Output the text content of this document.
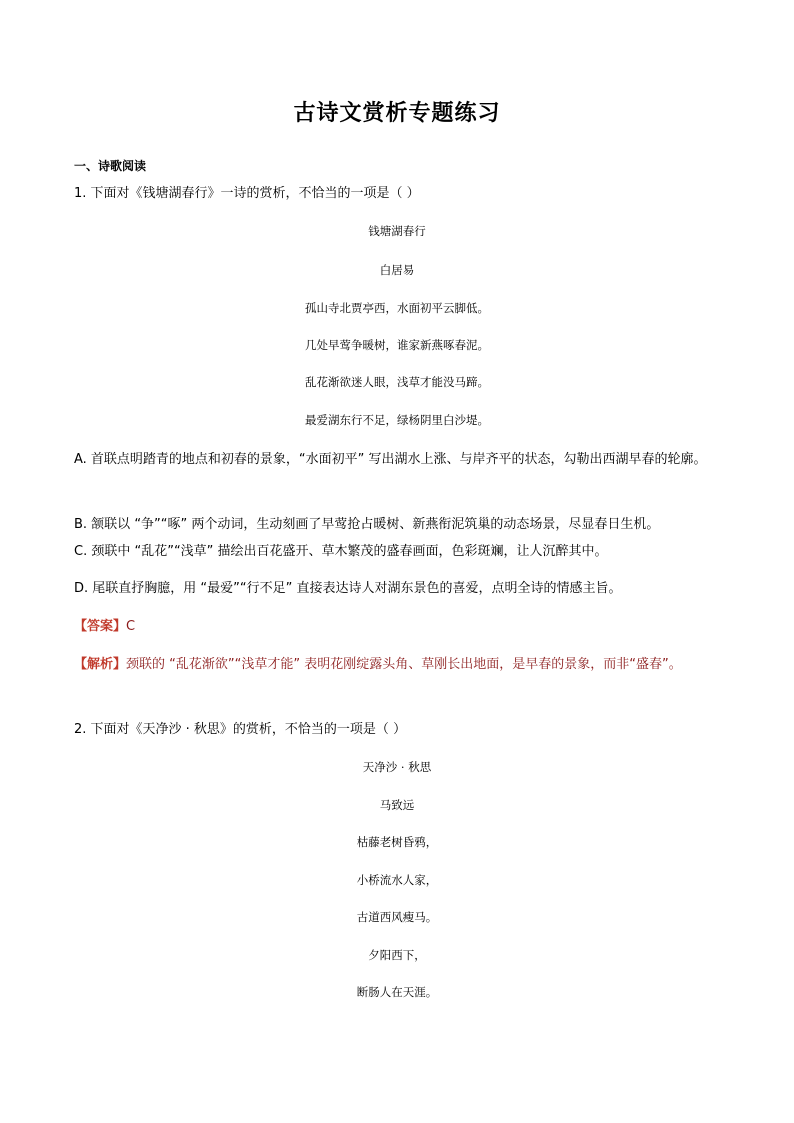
古诗文赏析专题练习
一、诗歌阅读
1. 下面对《钱塘湖春行》一诗的赏析，不恰当的一项是（ ）
钱塘湖春行
白居易
孤山寺北贾亭西，水面初平云脚低。
几处早莺争暖树，谁家新燕啄春泥。
乱花渐欲迷人眼，浅草才能没马蹄。
最爱湖东行不足，绿杨阴里白沙堤。
A. 首联点明踏青的地点和初春的景象，“水面初平” 写出湖水上涨、与岸齐平的状态，勾勒出西湖早春的轮廓。
B. 颔联以 “争”“啄” 两个动词，生动刻画了早莺抢占暖树、新燕衔泥筑巢的动态场景，尽显春日生机。
C. 颈联中 “乱花”“浅草” 描绘出百花盛开、草木繁茂的盛春画面，色彩斑斓，让人沉醉其中。
D. 尾联直抒胸臆，用 “最爱”“行不足” 直接表达诗人对湖东景色的喜爱，点明全诗的情感主旨。
【答案】C
【解析】颈联的 “乱花渐欲”“浅草才能” 表明花刚绽露头角、草刚长出地面，是早春的景象，而非“盛春”。
2. 下面对《天净沙 · 秋思》的赏析，不恰当的一项是（ ）
天净沙 · 秋思
马致远
枯藤老树昏鸦，
小桥流水人家，
古道西风瘦马。
夕阳西下，
断肠人在天涯。
